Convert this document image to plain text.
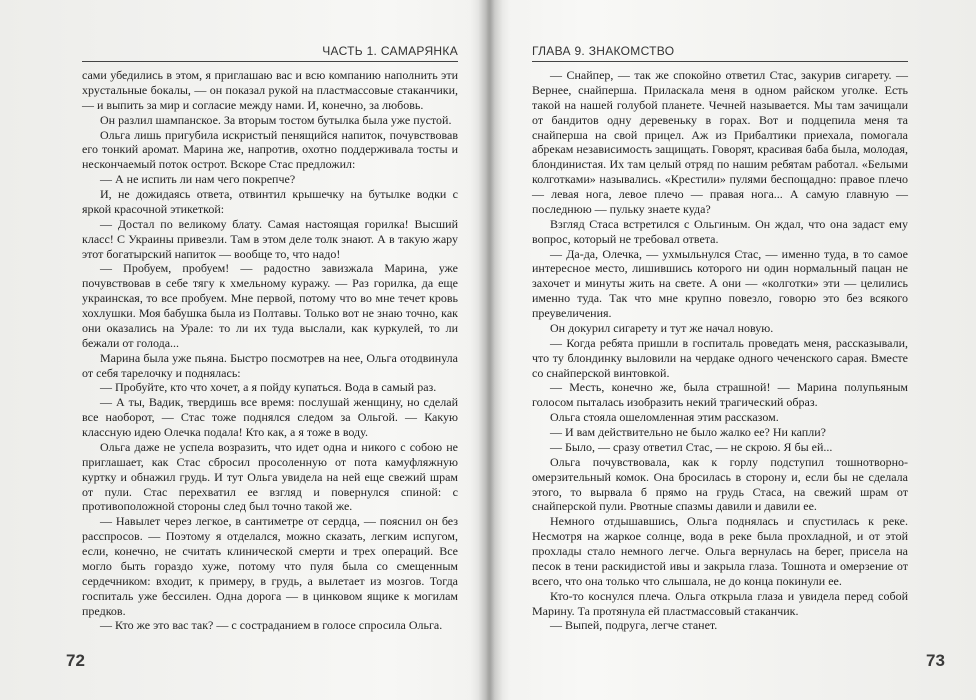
ЧАСТЬ 1. САМАРЯНКА

сами убедились в этом, я приглашаю вас и всю компанию наполнить эти хрустальные бокалы, — он показал рукой на пластмассовые стаканчики, — и выпить за мир и согласие между нами. И, конечно, за любовь.

Он разлил шампанское. За вторым тостом бутылка была уже пустой.

Ольга лишь пригубила искристый пенящийся напиток, почувствовав его тонкий аромат. Марина же, напротив, охотно поддерживала тосты и нескончаемый поток острот. Вскоре Стас предложил:

— А не испить ли нам чего покрепче?

И, не дожидаясь ответа, отвинтил крышечку на бутылке водки с яркой красочной этикеткой:

— Достал по великому блату. Самая настоящая горилка! Высший класс! С Украины привезли. Там в этом деле толк знают. А в такую жару этот богатырский напиток — вообще то, что надо!

— Пробуем, пробуем! — радостно завизжала Марина, уже почувствовав в себе тягу к хмельному куражу. — Раз горилка, да еще украинская, то все пробуем. Мне первой, потому что во мне течет кровь хохлушки. Моя бабушка была из Полтавы. Только вот не знаю точно, как они оказались на Урале: то ли их туда выслали, как куркулей, то ли бежали от голода...

Марина была уже пьяна. Быстро посмотрев на нее, Ольга отодвинула от себя тарелочку и поднялась:

— Пробуйте, кто что хочет, а я пойду купаться. Вода в самый раз.

— А ты, Вадик, твердишь все время: послушай женщину, но сделай все наоборот, — Стас тоже поднялся следом за Ольгой. — Какую классную идею Олечка подала! Кто как, а я тоже в воду.

Ольга даже не успела возразить, что идет одна и никого с собою не приглашает, как Стас сбросил просоленную от пота камуфляжную куртку и обнажил грудь. И тут Ольга увидела на ней еще свежий шрам от пули. Стас перехватил ее взгляд и повернулся спиной: с противоположной стороны след был точно такой же.

— Навылет через легкое, в сантиметре от сердца, — пояснил он без расспросов. — Поэтому я отделался, можно сказать, легким испугом, если, конечно, не считать клинической смерти и трех операций. Все могло быть гораздо хуже, потому что пуля была со смещенным сердечником: входит, к примеру, в грудь, а вылетает из мозгов. Тогда госпиталь уже бессилен. Одна дорога — в цинковом ящике к могилам предков.

— Кто же это вас так? — с состраданием в голосе спросила Ольга.

72
ГЛАВА 9. ЗНАКОМСТВО

— Снайпер, — так же спокойно ответил Стас, закурив сигарету. — Вернее, снайперша. Приласкала меня в одном райском уголке. Есть такой на нашей голубой планете. Чечней называется. Мы там зачищали от бандитов одну деревеньку в горах. Вот и подцепила меня та снайперша на свой прицел. Аж из Прибалтики приехала, помогала абрекам независимость защищать. Говорят, красивая баба была, молодая, блондинистая. Их там целый отряд по нашим ребятам работал. «Белыми колготками» назывались. «Крестили» пулями беспощадно: правое плечо — левая нога, левое плечо — правая нога... А самую главную — последнюю — пульку знаете куда?

Взгляд Стаса встретился с Ольгиным. Он ждал, что она задаст ему вопрос, который не требовал ответа.

— Да-да, Олечка, — ухмыльнулся Стас, — именно туда, в то самое интересное место, лишившись которого ни один нормальный пацан не захочет и минуты жить на свете. А они — «колготки» эти — целились именно туда. Так что мне крупно повезло, говорю это без всякого преувеличения.

Он докурил сигарету и тут же начал новую.

— Когда ребята пришли в госпиталь проведать меня, рассказывали, что ту блондинку выловили на чердаке одного чеченского сарая. Вместе со снайперской винтовкой.

— Месть, конечно же, была страшной! — Марина полупьяным голосом пыталась изобразить некий трагический образ.

Ольга стояла ошеломленная этим рассказом.

— И вам действительно не было жалко ее? Ни капли?

— Было, — сразу ответил Стас, — не скрою. Я бы ей...

Ольга почувствовала, как к горлу подступил тошнотворно-омерзительный комок. Она бросилась в сторону и, если бы не сделала этого, то вырвала б прямо на грудь Стаса, на свежий шрам от снайперской пули. Рвотные спазмы давили и давили ее.

Немного отдышавшись, Ольга поднялась и спустилась к реке. Несмотря на жаркое солнце, вода в реке была прохладной, и от этой прохлады стало немного легче. Ольга вернулась на берег, присела на песок в тени раскидистой ивы и закрыла глаза. Тошнота и омерзение от всего, что она только что слышала, не до конца покинули ее.

Кто-то коснулся плеча. Ольга открыла глаза и увидела перед собой Марину. Та протянула ей пластмассовый стаканчик.

— Выпей, подруга, легче станет.

73
